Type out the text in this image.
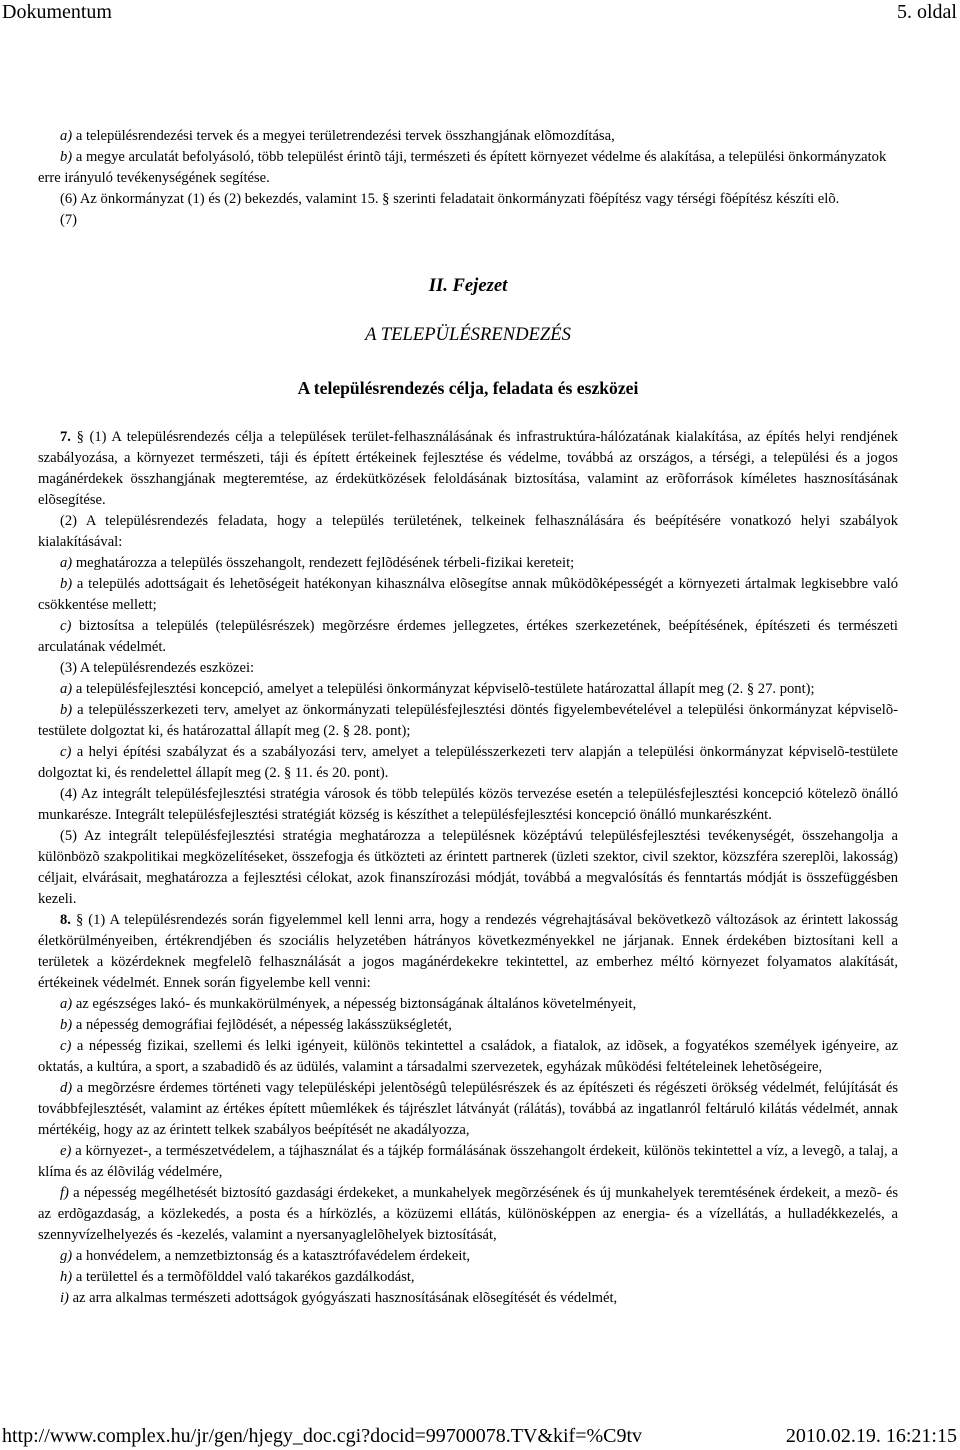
Dokumentum	5. oldal

a) a településrendezési tervek és a megyei területrendezési tervek összhangjának elõmozdítása,

b) a megye arculatát befolyásoló, több települést érintõ táji, természeti és épített környezet védelme és alakítása, a települési önkormányzatok erre irányuló tevékenységének segítése.

(6) Az önkormányzat (1) és (2) bekezdés, valamint 15. § szerinti feladatait önkormányzati fõépítész vagy térségi fõépítész készíti elõ.

(7)

II. Fejezet

A TELEPÜLÉSRENDEZÉS

A településrendezés célja, feladata és eszközei

7. § (1) A településrendezés célja a települések terület-felhasználásának és infrastruktúra-hálózatának kialakítása, az építés helyi rendjének szabályozása, a környezet természeti, táji és épített értékeinek fejlesztése és védelme, továbbá az országos, a térségi, a települési és a jogos magánérdekek összhangjának megteremtése, az érdekütközések feloldásának biztosítása, valamint az erõforrások kíméletes hasznosításának elõsegítése.

(2) A településrendezés feladata, hogy a település területének, telkeinek felhasználására és beépítésére vonatkozó helyi szabályok kialakításával:

a) meghatározza a település összehangolt, rendezett fejlõdésének térbeli-fizikai kereteit;

b) a település adottságait és lehetõségeit hatékonyan kihasználva elõsegítse annak mûködõképességét a környezeti ártalmak legkisebbre való csökkentése mellett;

c) biztosítsa a település (településrészek) megõrzésre érdemes jellegzetes, értékes szerkezetének, beépítésének, építészeti és természeti arculatának védelmét.

(3) A településrendezés eszközei:

a) a településfejlesztési koncepció, amelyet a települési önkormányzat képviselõ-testülete határozattal állapít meg (2. § 27. pont);

b) a településszerkezeti terv, amelyet az önkormányzati településfejlesztési döntés figyelembevételével a települési önkormányzat képviselõ-testülete dolgoztat ki, és határozattal állapít meg (2. § 28. pont);

c) a helyi építési szabályzat és a szabályozási terv, amelyet a településszerkezeti terv alapján a települési önkormányzat képviselõ-testülete dolgoztat ki, és rendelettel állapít meg (2. § 11. és 20. pont).

(4) Az integrált településfejlesztési stratégia városok és több település közös tervezése esetén a településfejlesztési koncepció kötelezõ önálló munkarésze. Integrált településfejlesztési stratégiát község is készíthet a településfejlesztési koncepció önálló munkarészként.

(5) Az integrált településfejlesztési stratégia meghatározza a településnek középtávú településfejlesztési tevékenységét, összehangolja a különbözõ szakpolitikai megközelítéseket, összefogja és ütközteti az érintett partnerek (üzleti szektor, civil szektor, közszféra szereplõi, lakosság) céljait, elvárásait, meghatározza a fejlesztési célokat, azok finanszírozási módját, továbbá a megvalósítás és fenntartás módját is összefüggésben kezeli.

8. § (1) A településrendezés során figyelemmel kell lenni arra, hogy a rendezés végrehajtásával bekövetkezõ változások az érintett lakosság életkörülményeiben, értékrendjében és szociális helyzetében hátrányos következményekkel ne járjanak. Ennek érdekében biztosítani kell a területek a közérdeknek megfelelõ felhasználását a jogos magánérdekekre tekintettel, az emberhez méltó környezet folyamatos alakítását, értékeinek védelmét. Ennek során figyelembe kell venni:

a) az egészséges lakó- és munkakörülmények, a népesség biztonságának általános követelményeit,

b) a népesség demográfiai fejlõdését, a népesség lakásszükségletét,

c) a népesség fizikai, szellemi és lelki igényeit, különös tekintettel a családok, a fiatalok, az idõsek, a fogyatékos személyek igényeire, az oktatás, a kultúra, a sport, a szabadidõ és az üdülés, valamint a társadalmi szervezetek, egyházak mûködési feltételeinek lehetõségeire,

d) a megõrzésre érdemes történeti vagy településképi jelentõségû településrészek és az építészeti és régészeti örökség védelmét, felújítását és továbbfejlesztését, valamint az értékes épített mûemlékek és tájrészlet látványát (rálátás), továbbá az ingatlanról feltáruló kilátás védelmét, annak mértékéig, hogy az az érintett telkek szabályos beépítését ne akadályozza,

e) a környezet-, a természetvédelem, a tájhasználat és a tájkép formálásának összehangolt érdekeit, különös tekintettel a víz, a levegõ, a talaj, a klíma és az élõvilág védelmére,

f) a népesség megélhetését biztosító gazdasági érdekeket, a munkahelyek megõrzésének és új munkahelyek teremtésének érdekeit, a mezõ- és az erdõgazdaság, a közlekedés, a posta és a hírközlés, a közüzemi ellátás, különösképpen az energia- és a vízellátás, a hulladékkezelés, a szennyvízelhelyezés és -kezelés, valamint a nyersanyaglelõhelyek biztosítását,

g) a honvédelem, a nemzetbiztonság és a katasztrófavédelem érdekeit,

h) a területtel és a termõfölddel való takarékos gazdálkodást,

i) az arra alkalmas természeti adottságok gyógyászati hasznosításának elõsegítését és védelmét,

http://www.complex.hu/jr/gen/hjegy_doc.cgi?docid=99700078.TV&kif=%C9tv	2010.02.19. 16:21:15
